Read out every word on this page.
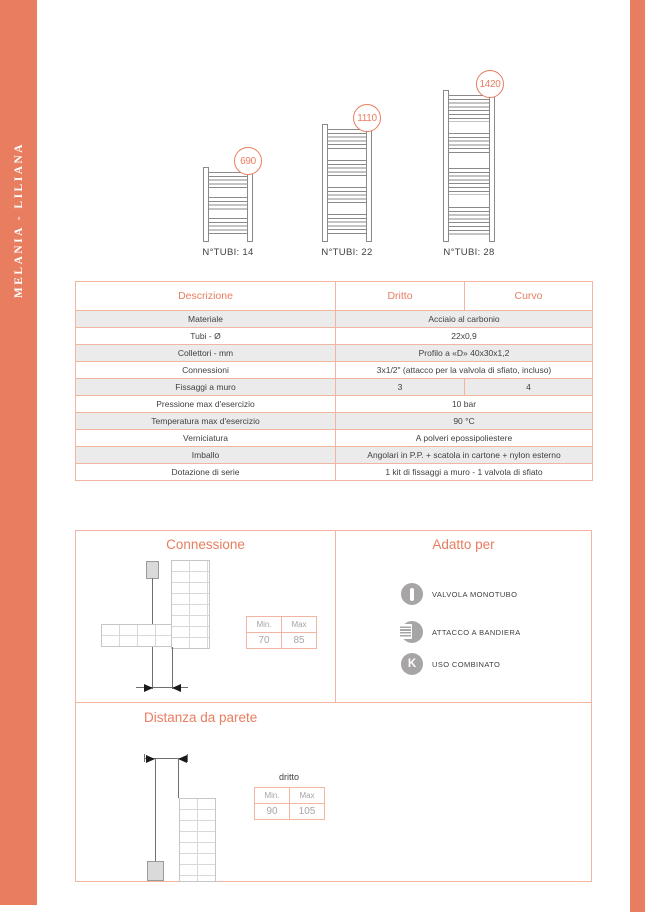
MELANIA - LILIANA	690
N°TUBI: 14
1110
N°TUBI: 22
1420
N°TUBI: 28
Descrizione	Dritto	Curvo
Materiale	Acciaio al carbonio	
Tubi - Ø	22x0,9	
Collettori - mm	Profilo a «D» 40x30x1,2	
Connessioni	3x1/2" (attacco per la valvola di sfiato, incluso)	
Fissaggi a muro	3	4
Pressione max d'esercizio	10 bar	
Temperatura max d'esercizio	90 °C	
Verniciatura	A polveri epossipoliestere	
Imballo	Angolari in P.P. + scatola in cartone + nylon esterno	
Dotazione di serie	1 kit di fissaggi a muro - 1 valvola di sfiato	
Connessione
Min.	Max
70	85
Adatto per
VALVOLA MONOTUBO
ATTACCO A BANDIERA
K USO COMBINATO
Distanza da parete
dritto
Min.	Max
90	105
